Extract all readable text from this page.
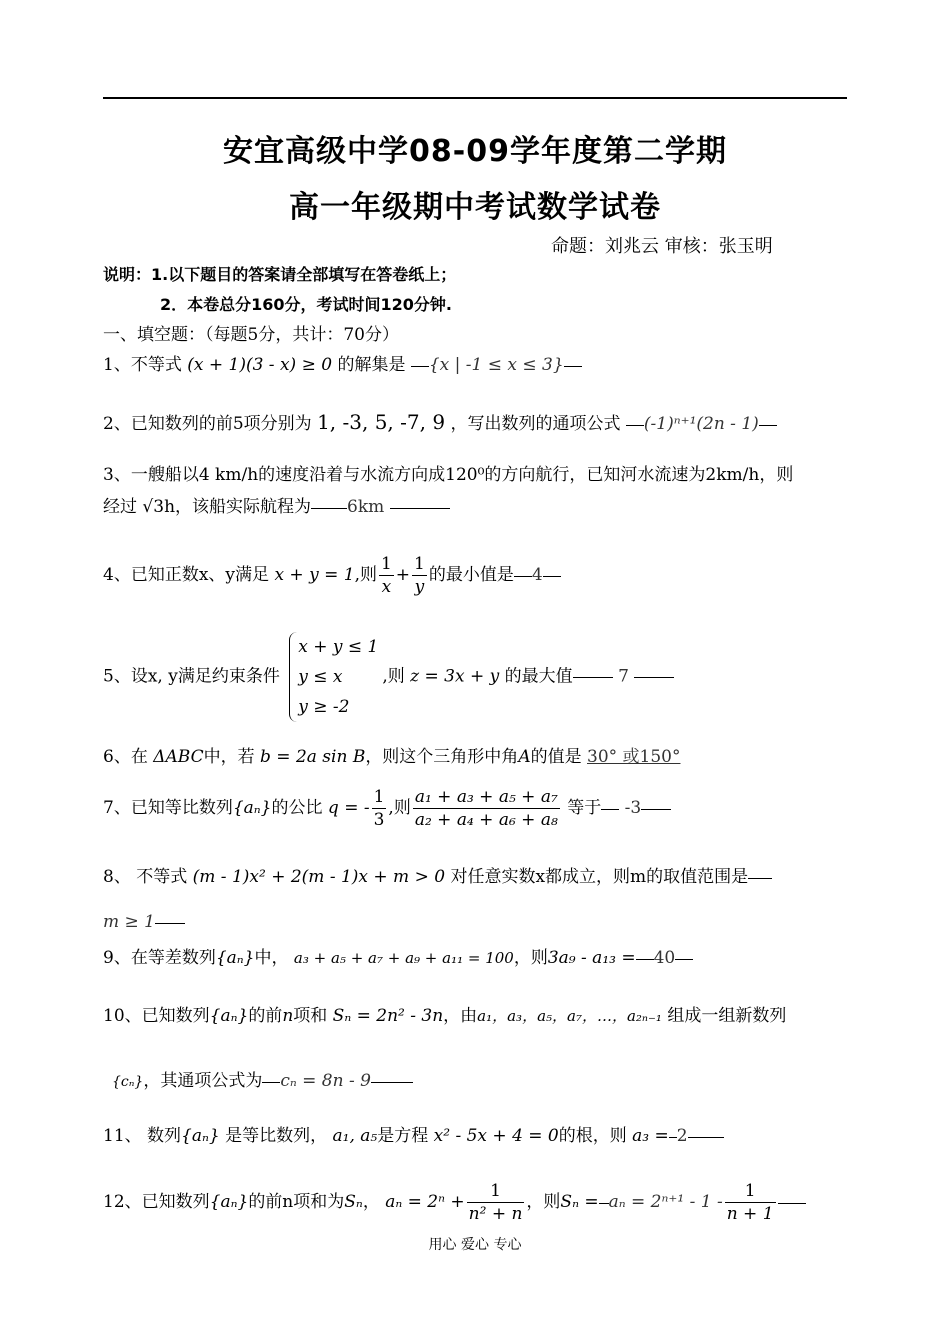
安宜高级中学08-09学年度第二学期
高一年级期中考试数学试卷
命题：刘兆云 审核：张玉明
说明：1.以下题目的答案请全部填写在答卷纸上；
2．本卷总分160分，考试时间120分钟.
一、填空题：（每题5分，共计：70分）
1、不等式 (x + 1)(3 - x) ≥ 0 的解集是 {x | -1 ≤ x ≤ 3}
2、已知数列的前5项分别为 1, -3, 5, -7, 9 ，写出数列的通项公式 (-1)ⁿ⁺¹(2n - 1)
3、一艘船以4 km/h的速度沿着与水流方向成120⁰的方向航行，已知河水流速为2km/h，则
经过 √3h，该船实际航程为 6km
4、已知正数x、y满足 x + y = 1,则 $\frac{1}{x} + \frac{1}{y}$ 的最小值是 4
5、设x, y满足约束条件
x + y ≤ 1
y ≤ x
y ≥ -2
,则 z = 3x + y 的最大值	7
6、在 ΔABC中，若 b = 2a sin B，则这个三角形中角A的值是 30° 或150°
7、已知等比数列{aₙ}的公比 q = - $\frac{1}{3}$ ,则 $\frac{\text{a₁ + a₃ + a₅ + a₇}}{\text{a₂ + a₄ + a₆ + a₈}}$ 等于 -3
8、 不等式 (m - 1)x² + 2(m - 1)x + m > 0 对任意实数x都成立，则m的取值范围是
m ≥ 1
9、在等差数列{aₙ}中， a₃ + a₅ + a₇ + a₉ + a₁₁ = 100，则3a₉ - a₁₃ = 40
10、已知数列{aₙ}的前n项和 Sₙ = 2n² - 3n，由a₁，a₃，a₅，a₇，…，a₂ₙ₋₁ 组成一组新数列
{cₙ}，其通项公式为 cₙ = 8n - 9
11、 数列{aₙ} 是等比数列， a₁, a₅是方程 x² - 5x + 4 = 0的根，则 a₃ = 2
12、已知数列{aₙ}的前n项和为Sₙ， $a_n = 2^n + \frac{1}{\text{n² + n}}$ ，则$S_n = a_n = 2^{n+1} - 1 - \frac{1}{n + 1}$
用心 爱心 专心
